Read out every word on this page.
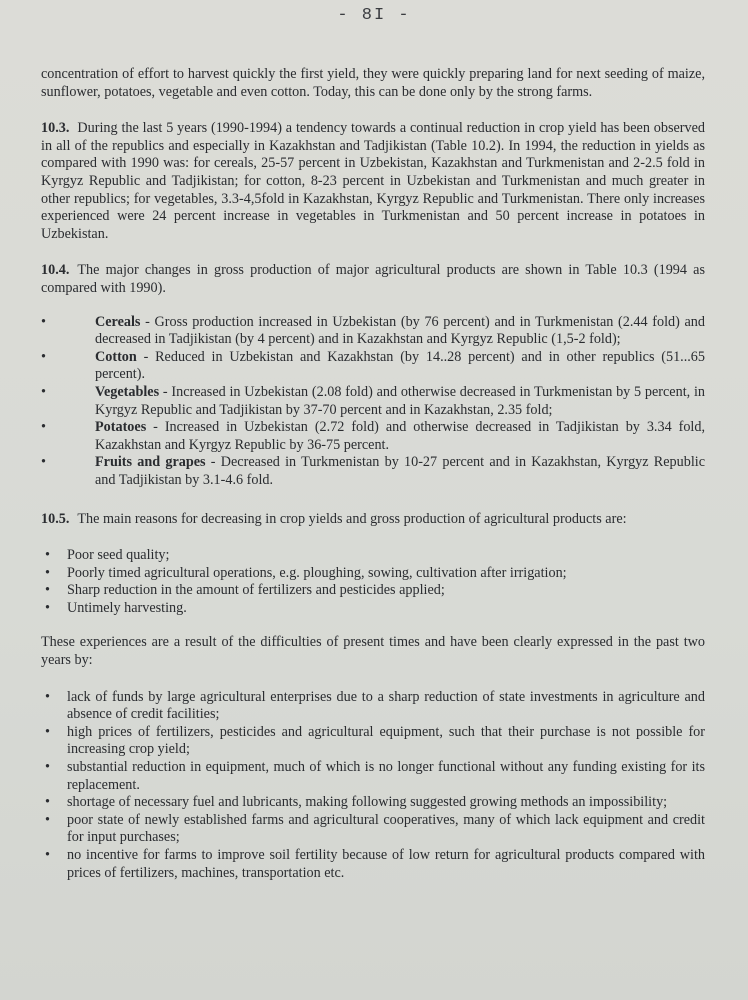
- 8I -

concentration of effort to harvest quickly the first yield, they were quickly preparing land for next seeding of maize, sunflower, potatoes, vegetable and even cotton. Today, this can be done only by the strong farms.

10.3. During the last 5 years (1990-1994) a tendency towards a continual reduction in crop yield has been observed in all of the republics and especially in Kazakhstan and Tadjikistan (Table 10.2). In 1994, the reduction in yields as compared with 1990 was: for cereals, 25-57 percent in Uzbekistan, Kazakhstan and Turkmenistan and 2-2.5 fold in Kyrgyz Republic and Tadjikistan; for cotton, 8-23 percent in Uzbekistan and Turkmenistan and much greater in other republics; for vegetables, 3.3-4,5fold in Kazakhstan, Kyrgyz Republic and Turkmenistan. There only increases experienced were 24 percent increase in vegetables in Turkmenistan and 50 percent increase in potatoes in Uzbekistan.

10.4. The major changes in gross production of major agricultural products are shown in Table 10.3 (1994 as compared with 1990).

•	Cereals - Gross production increased in Uzbekistan (by 76 percent) and in Turkmenistan (2.44 fold) and decreased in Tadjikistan (by 4 percent) and in Kazakhstan and Kyrgyz Republic (1,5-2 fold);
•	Cotton - Reduced in Uzbekistan and Kazakhstan (by 14..28 percent) and in other republics (51...65 percent).
•	Vegetables - Increased in Uzbekistan (2.08 fold) and otherwise decreased in Turkmenistan by 5 percent, in Kyrgyz Republic and Tadjikistan by 37-70 percent and in Kazakhstan, 2.35 fold;
•	Potatoes - Increased in Uzbekistan (2.72 fold) and otherwise decreased in Tadjikistan by 3.34 fold, Kazakhstan and Kyrgyz Republic by 36-75 percent.
•	Fruits and grapes - Decreased in Turkmenistan by 10-27 percent and in Kazakhstan, Kyrgyz Republic and Tadjikistan by 3.1-4.6 fold.

10.5. The main reasons for decreasing in crop yields and gross production of agricultural products are:

• Poor seed quality;
• Poorly timed agricultural operations, e.g. ploughing, sowing, cultivation after irrigation;
• Sharp reduction in the amount of fertilizers and pesticides applied;
• Untimely harvesting.

These experiences are a result of the difficulties of present times and have been clearly expressed in the past two years by:

• lack of funds by large agricultural enterprises due to a sharp reduction of state investments in agriculture and absence of credit facilities;
• high prices of fertilizers, pesticides and agricultural equipment, such that their purchase is not possible for increasing crop yield;
• substantial reduction in equipment, much of which is no longer functional without any funding existing for its replacement.
• shortage of necessary fuel and lubricants, making following suggested growing methods an impossibility;
• poor state of newly established farms and agricultural cooperatives, many of which lack equipment and credit for input purchases;
• no incentive for farms to improve soil fertility because of low return for agricultural products compared with prices of fertilizers, machines, transportation etc.
